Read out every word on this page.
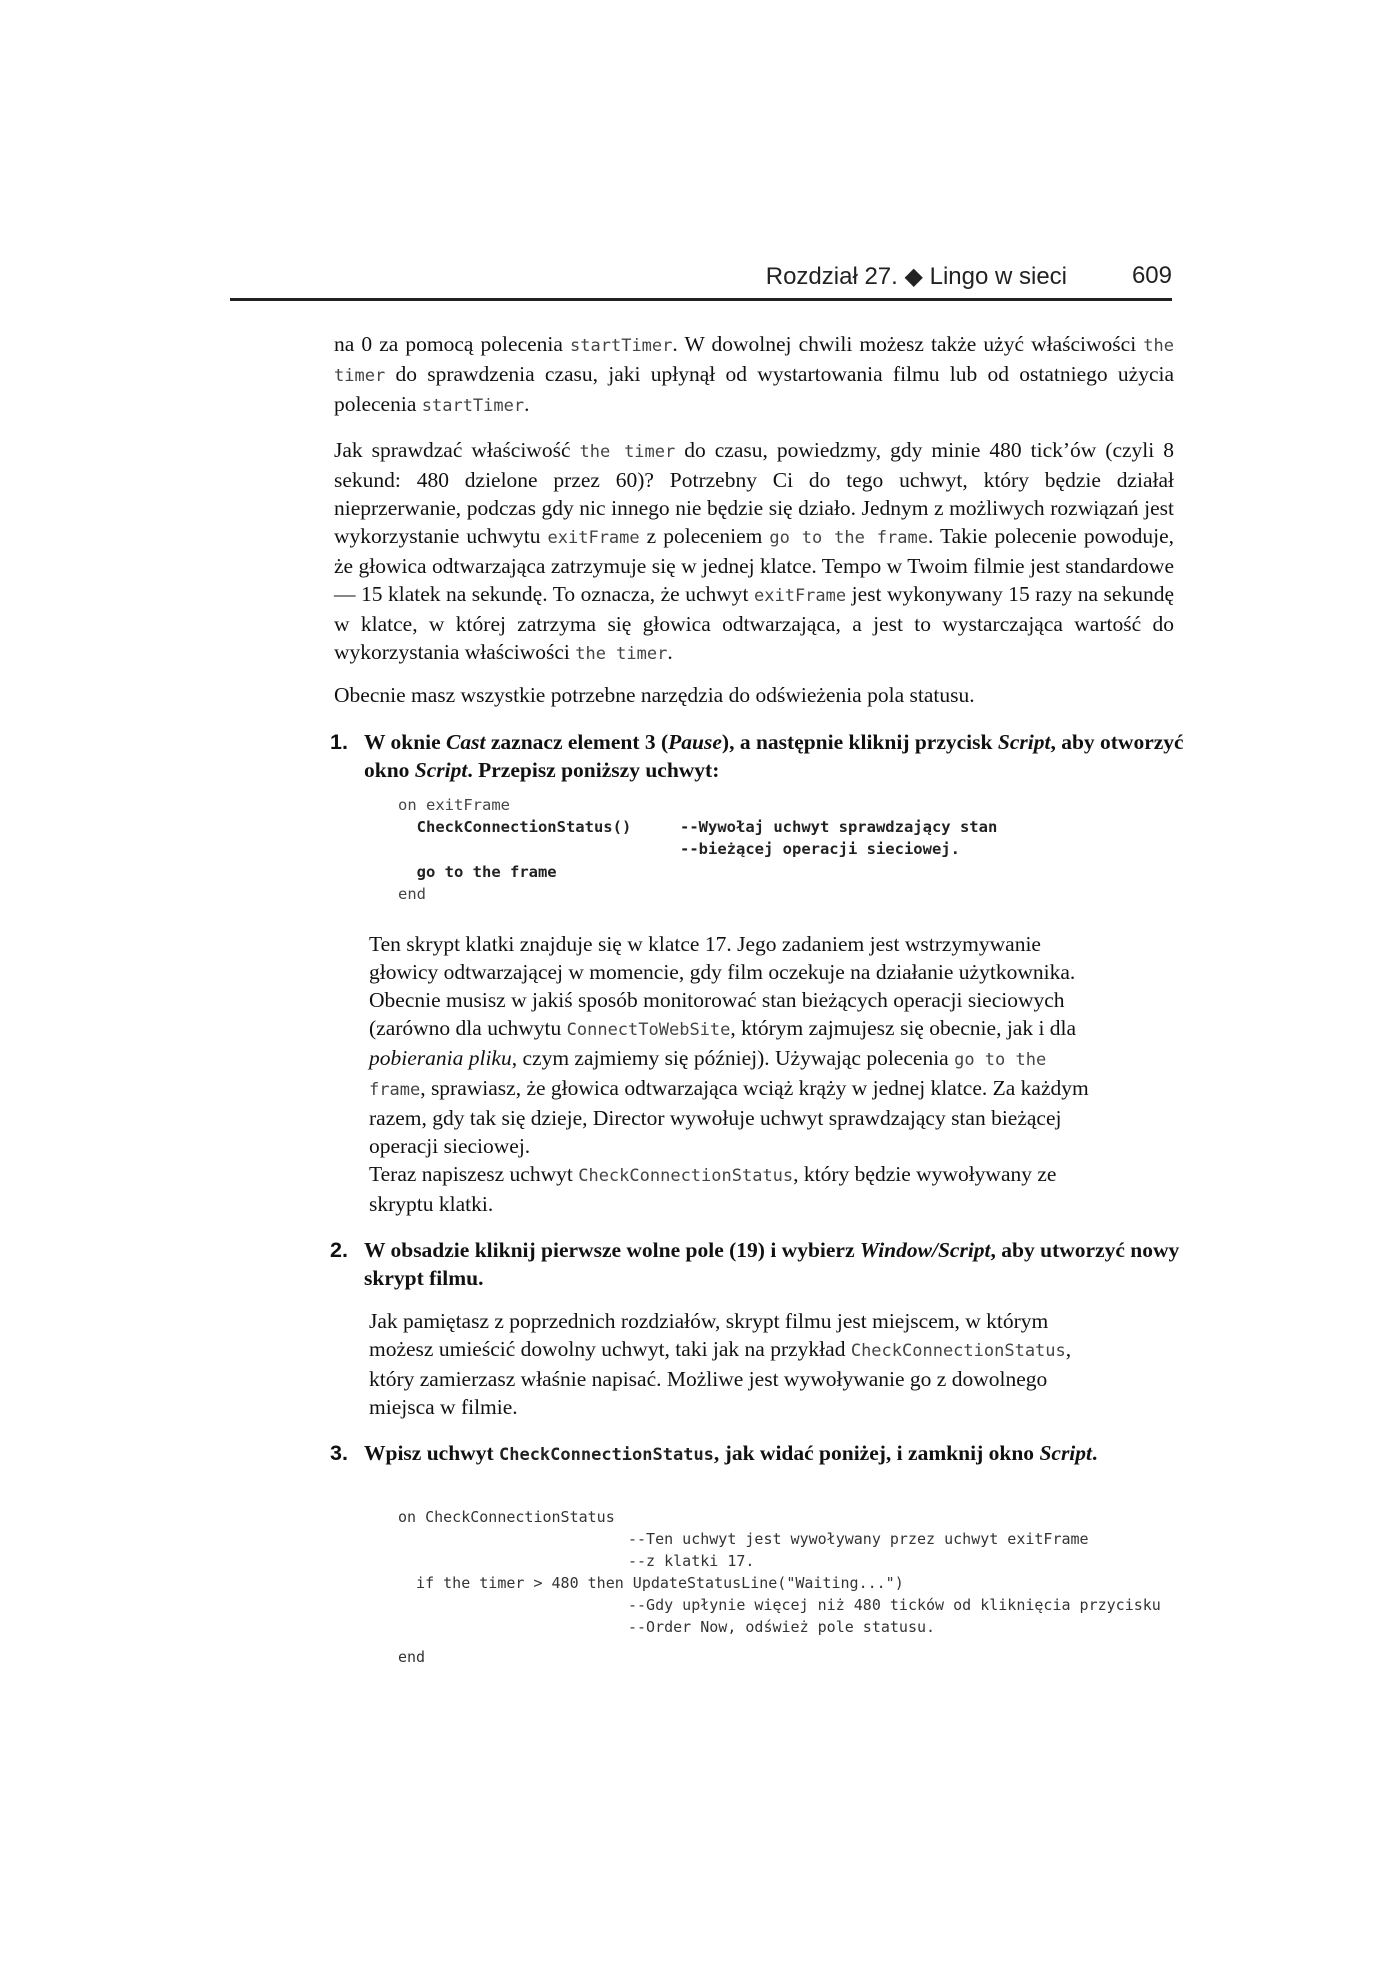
Rozdział 27. ◆ Lingo w sieci	609

na 0 za pomocą polecenia startTimer. W dowolnej chwili możesz także użyć właściwości the timer do sprawdzenia czasu, jaki upłynął od wystartowania filmu lub od ostatniego użycia polecenia startTimer.

Jak sprawdzać właściwość the timer do czasu, powiedzmy, gdy minie 480 tick’ów (czyli 8 sekund: 480 dzielone przez 60)? Potrzebny Ci do tego uchwyt, który będzie działał nieprzerwanie, podczas gdy nic innego nie będzie się działo. Jednym z możliwych rozwiązań jest wykorzystanie uchwytu exitFrame z poleceniem go to the frame. Takie polecenie powoduje, że głowica odtwarzająca zatrzymuje się w jednej klatce. Tempo w Twoim filmie jest standardowe — 15 klatek na sekundę. To oznacza, że uchwyt exitFrame jest wykonywany 15 razy na sekundę w klatce, w której zatrzyma się głowica odtwarzająca, a jest to wystarczająca wartość do wykorzystania właściwości the timer.

Obecnie masz wszystkie potrzebne narzędzia do odświeżenia pola statusu.

1. W oknie Cast zaznacz element 3 (Pause), a następnie kliknij przycisk Script, aby otworzyć okno Script. Przepisz poniższy uchwyt:

on exitFrame

CheckConnectionStatus()

	--Wywołaj uchwyt sprawdzający stan

--bieżącej operacji sieciowej.

go to the frame

end

Ten skrypt klatki znajduje się w klatce 17. Jego zadaniem jest wstrzymywanie głowicy odtwarzającej w momencie, gdy film oczekuje na działanie użytkownika. Obecnie musisz w jakiś sposób monitorować stan bieżących operacji sieciowych (zarówno dla uchwytu ConnectToWebSite, którym zajmujesz się obecnie, jak i dla pobierania pliku, czym zajmiemy się później). Używając polecenia go to the frame, sprawiasz, że głowica odtwarzająca wciąż krąży w jednej klatce. Za każdym razem, gdy tak się dzieje, Director wywołuje uchwyt sprawdzający stan bieżącej operacji sieciowej.

Teraz napiszesz uchwyt CheckConnectionStatus, który będzie wywoływany ze skryptu klatki.

2. W obsadzie kliknij pierwsze wolne pole (19) i wybierz Window/Script, aby utworzyć nowy skrypt filmu.

Jak pamiętasz z poprzednich rozdziałów, skrypt filmu jest miejscem, w którym możesz umieścić dowolny uchwyt, taki jak na przykład CheckConnectionStatus, który zamierzasz właśnie napisać. Możliwe jest wywoływanie go z dowolnego miejsca w filmie.

3. Wpisz uchwyt CheckConnectionStatus, jak widać poniżej, i zamknij okno Script.

on CheckConnectionStatus

--Ten uchwyt jest wywoływany przez uchwyt exitFrame

--z klatki 17.

if the timer > 480 then UpdateStatusLine("Waiting...")

--Gdy upłynie więcej niż 480 ticków od kliknięcia przycisku

--Order Now, odśwież pole statusu.

end
